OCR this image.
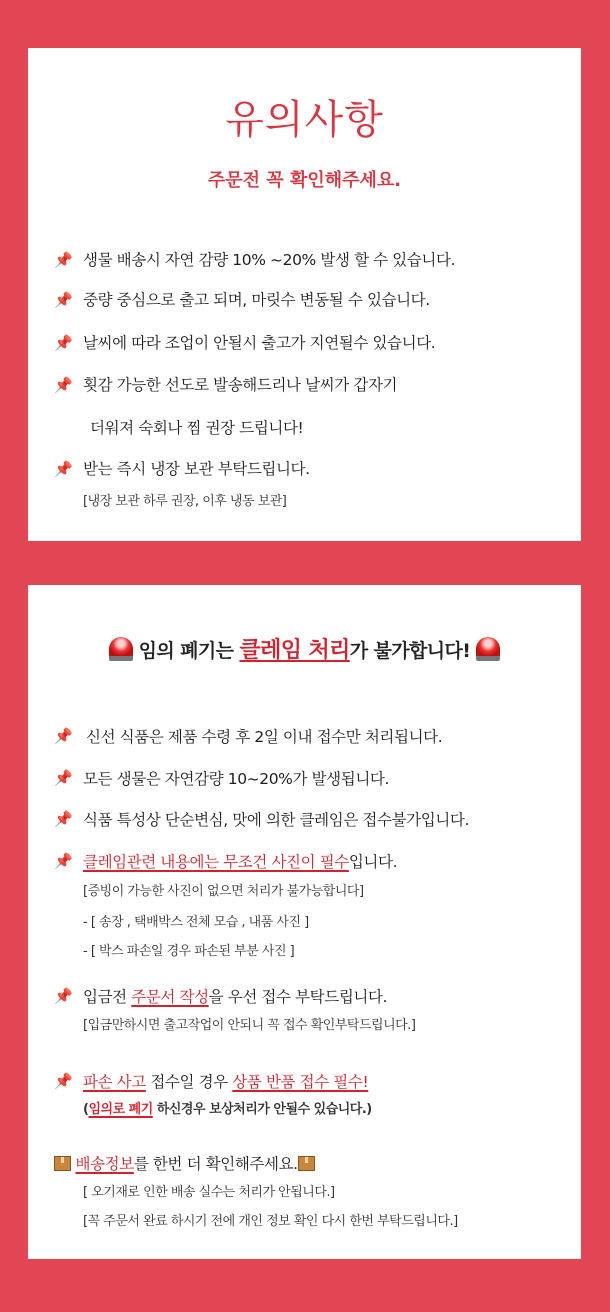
유의사항
주문전 꼭 확인해주세요.
📌 생물 배송시 자연 감량 10% ~20% 발생 할 수 있습니다.
📌 중량 중심으로 출고 되며, 마릿수 변동될 수 있습니다.
📌 날씨에 따라 조업이 안될시 출고가 지연될수 있습니다.
📌 횟감 가능한 선도로 발송해드리나 날씨가 갑자기
더워져 숙회나 찜 권장 드립니다!
📌 받는 즉시 냉장 보관 부탁드립니다.
[냉장 보관 하루 권장, 이후 냉동 보관]
임의 폐기는 클레임 처리가 불가합니다!
📌 신선 식품은 제품 수령 후 2일 이내 접수만 처리됩니다.
📌 모든 생물은 자연감량 10~20%가 발생됩니다.
📌 식품 특성상 단순변심, 맛에 의한 클레임은 접수불가입니다.
📌 클레임관련 내용에는 무조건 사진이 필수입니다.
[증빙이 가능한 사진이 없으면 처리가 불가능합니다]
- [ 송장 , 택배박스 전체 모습 , 내품 사진 ]
- [ 박스 파손일 경우 파손된 부분 사진 ]
📌 입금전 주문서 작성을 우선 접수 부탁드립니다.
[입금만하시면 출고작업이 안되니 꼭 접수 확인부탁드립니다.]
📌 파손 사고 접수일 경우 상품 반품 접수 필수!
(임의로 폐기 하신경우 보상처리가 안될수 있습니다.)
배송정보를 한번 더 확인해주세요.
[ 오기재로 인한 배송 실수는 처리가 안됩니다.]
[꼭 주문서 완료 하시기 전에 개인 정보 확인 다시 한번 부탁드립니다.]
